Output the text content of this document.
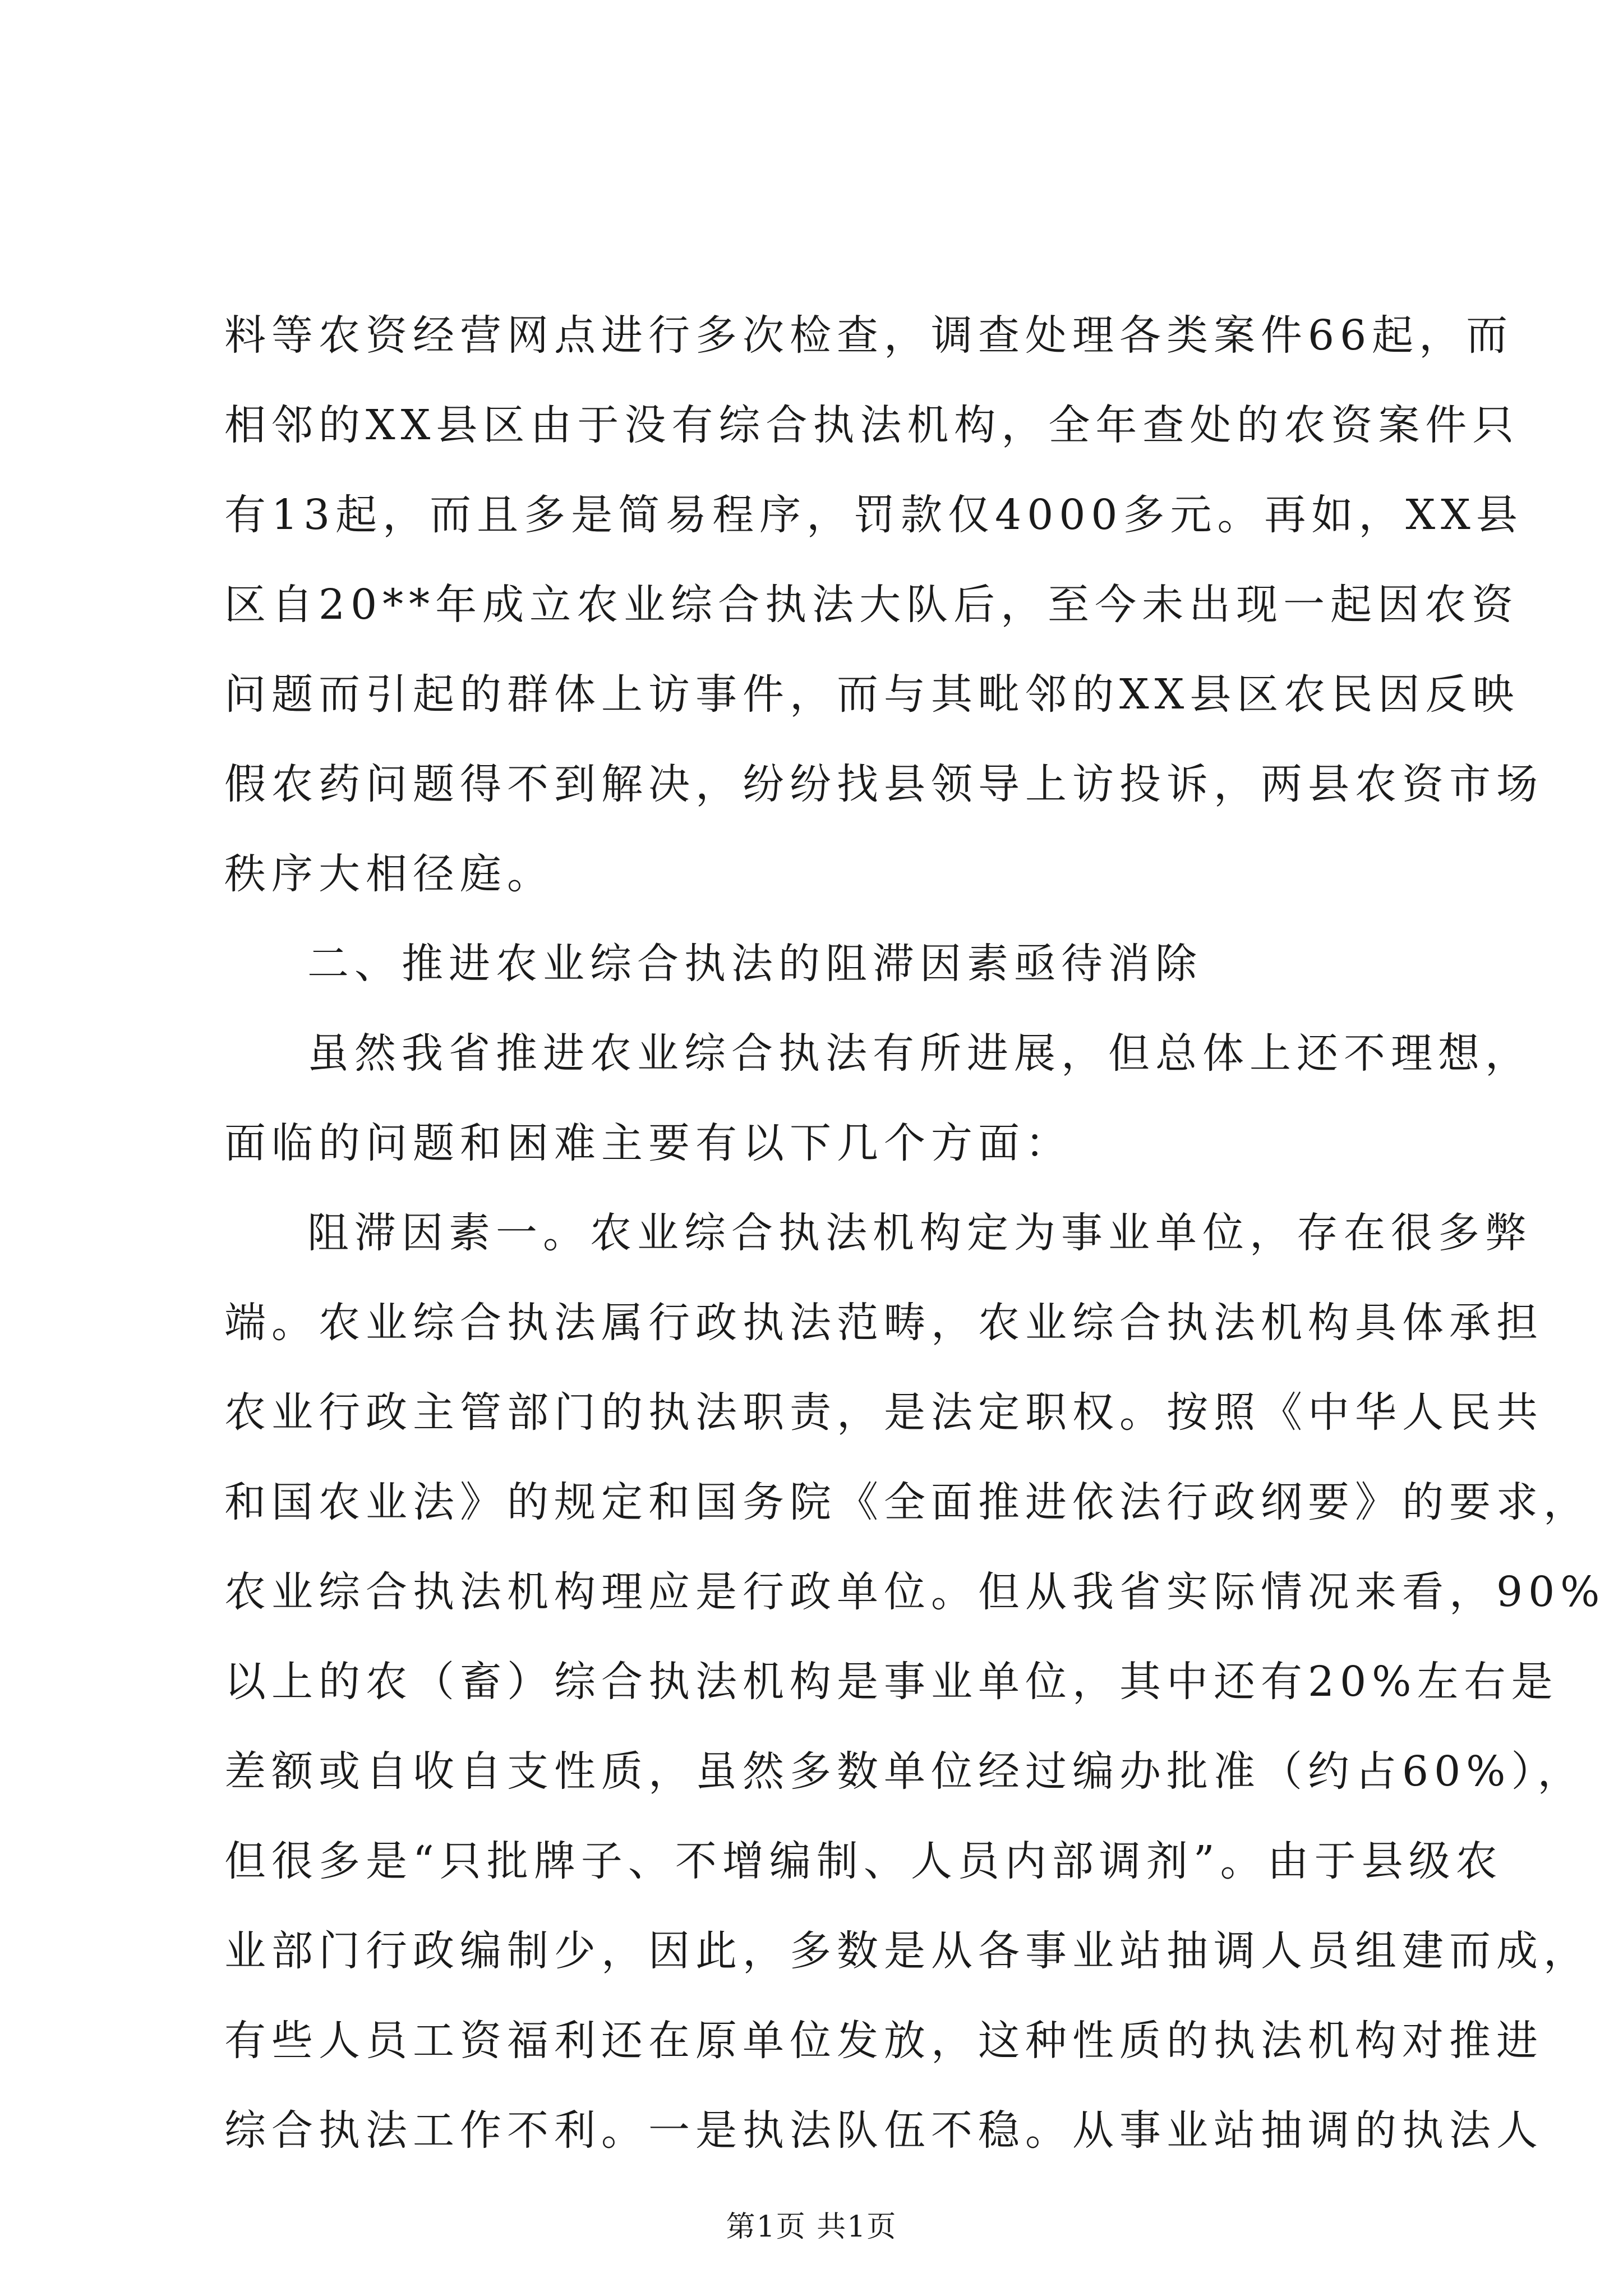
料等农资经营网点进行多次检查，调查处理各类案件66起，而
相邻的XX县区由于没有综合执法机构，全年查处的农资案件只
有13起，而且多是简易程序，罚款仅4000多元。再如，XX县
区自20**年成立农业综合执法大队后，至今未出现一起因农资
问题而引起的群体上访事件，而与其毗邻的XX县区农民因反映
假农药问题得不到解决，纷纷找县领导上访投诉，两县农资市场
秩序大相径庭。
二、推进农业综合执法的阻滞因素亟待消除
虽然我省推进农业综合执法有所进展，但总体上还不理想，
面临的问题和困难主要有以下几个方面：
阻滞因素一。农业综合执法机构定为事业单位，存在很多弊
端。农业综合执法属行政执法范畴，农业综合执法机构具体承担
农业行政主管部门的执法职责，是法定职权。按照《中华人民共
和国农业法》的规定和国务院《全面推进依法行政纲要》的要求，
农业综合执法机构理应是行政单位。但从我省实际情况来看，90%
以上的农（畜）综合执法机构是事业单位，其中还有20%左右是
差额或自收自支性质，虽然多数单位经过编办批准（约占60%），
但很多是“只批牌子、不增编制、人员内部调剂”。由于县级农
业部门行政编制少，因此，多数是从各事业站抽调人员组建而成，
有些人员工资福利还在原单位发放，这种性质的执法机构对推进
综合执法工作不利。一是执法队伍不稳。从事业站抽调的执法人
第1页 共1页
